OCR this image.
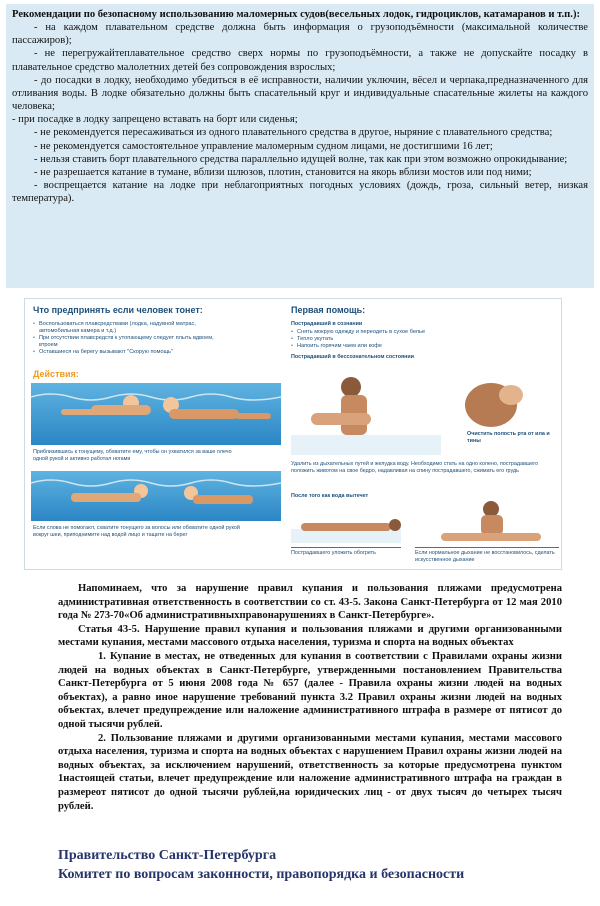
Рекомендации по безопасному использованию маломерных судов(весельных лодок, гидроциклов, катамаранов и т.п.):

- на каждом плавательном средстве должна быть информация о грузоподъёмности (максимальной количестве пассажиров);

- не перегружайтеплавательное средство сверх нормы по грузоподъёмности, а также не допускайте посадку в плавательное средство малолетних детей без сопровождения взрослых;

- до посадки в лодку, необходимо убедиться в её исправности, наличии уключин, вёсел и черпака,предназначенного для отливания воды. В лодке обязательно должны быть спасательный круг и индивидуальные спасательные жилеты на каждого человека;

- при посадке в лодку запрещено вставать на борт или сиденья;

- не рекомендуется пересаживаться из одного плавательного средства в другое, ныряние с плавательного средства;

- не рекомендуется самостоятельное управление маломерным судном лицами, не достигшими 16 лет;

- нельзя ставить борт плавательного средства параллельно идущей волне, так как при этом возможно опрокидывание;

- не разрешается катание в тумане, вблизи шлюзов, плотин, становится на якорь вблизи мостов или под ними;

- воспрещается катание на лодке при неблагоприятных погодных условиях (дождь, гроза, сильный ветер, низкая температура).

Что предпринять если человек тонет:
• Воспользоваться плавсредствами (лодка, надувной матрас, автомобильная камера и т.д.)
• При отсутствии плавсредств к утопающему следует плыть вдвоем, втроем
• Оставшиеся на берегу вызывают "Скорую помощь"
Действия:
Приблизившись к тонущему, обхватите ему, чтобы он ухватился за ваше плечо одной рукой и активно работал ногами
Если слова не помогают, схватите тонущего за волосы или обхватите одной рукой вокруг шеи, приподнимите над водой лицо и тащите на берег
Первая помощь:
Пострадавший в сознании
• Снять мокрую одежду и переодеть в сухое белье
• Тепло укутать
• Напоить горячим чаем или кофе
Пострадавший в бессознательном состоянии
Очистить полость рта от ила и тины
Удалить из дыхательных путей и желудка воду. Необходимо стать на одно колено, пострадавшего положить животом на свое бедро, надавливая на спину пострадавшего, сжимать его грудь
После того как вода вытечет
Пострадавшего уложить обогреть	Если нормальное дыхание не восстановилось, сделать искусственное дыхание

Напоминаем, что за нарушение правил купания и пользования пляжами предусмотрена административная ответственность в соответствии со ст. 43-5. Закона Санкт-Петербурга от 12 мая 2010 года № 273-70«Об административныхправонарушениях в Санкт-Петербурге».

Статья 43-5. Нарушение правил купания и пользования пляжами и другими организованными местами купания, местами массового отдыха населения, туризма и спорта на водных объектах

1. Купание в местах, не отведенных для купания в соответствии с Правилами охраны жизни людей на водных объектах в Санкт-Петербурге, утвержденными постановлением Правительства Санкт-Петербурга от 5 июня 2008 года № 657 (далее - Правила охраны жизни людей на водных объектах), а равно иное нарушение требований пункта 3.2 Правил охраны жизни людей на водных объектах, влечет предупреждение или наложение административного штрафа в размере от пятисот до одной тысячи рублей.

2. Пользование пляжами и другими организованными местами купания, местами массового отдыха населения, туризма и спорта на водных объектах с нарушением Правил охраны жизни людей на водных объектах, за исключением нарушений, ответственность за которые предусмотрена пунктом 1настоящей статьи, влечет предупреждение или наложение административного штрафа на граждан в размереот пятисот до одной тысячи рублей,на юридических лиц - от двух тысяч до четырех тысяч рублей.

Правительство Санкт-Петербурга
Комитет по вопросам законности, правопорядка и безопасности
